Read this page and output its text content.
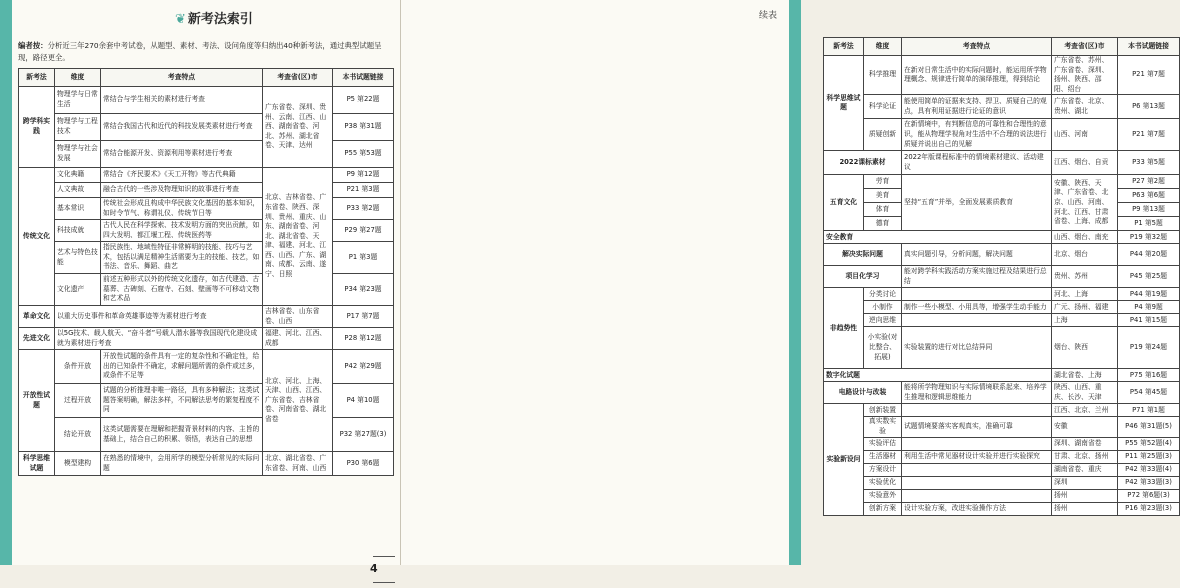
❦ 新考法索引
编者按：分析近三年270余套中考试卷，从题型、素材、考法、设问角度等归纳出40种新考法，通过典型试题呈现，路径更全。
新考法	维度	考查特点	考查省(区)市	本书试题链接
跨学科实践	物理学与日常生活	常结合与学生相关的素材进行考查	广东省卷、深圳、贵州、云南、江西、山西、湖南省卷、河北、苏州、湖北省卷、天津、达州	P5 第22题
	物理学与工程技术	常结合我国古代和近代的科技发展类素材进行考查		P38 第31题
	物理学与社会发展	常结合能源开发、资源利用等素材进行考查		P55 第53题
传统文化	文化典籍	常结合《齐民要术》《天工开物》等古代典籍	北京、吉林省卷、广东省卷、陕西、深圳、贵州、重庆、山东、湖南省卷、河北、湖北省卷、天津、福建、河北、江西、山西、广东、湖南、成都、云南、遂宁、日照	P9 第12题
	人文典故	融合古代的一些涉及物理知识的故事进行考查		P21 第3题
	基本常识	传统社会形成且构成中华民族文化基因的基本知识，如时令节气、称谓礼仪、传统节日等		P33 第2题
	科技成就	古代人民在科学探索、技术发明方面的突出贡献，如四大发明、都江堰工程、传统医药等		P29 第27题
	艺术与特色技能	指民族性、地域性特征非常鲜明的技能、技巧与艺术，包括以满足精神生活需要为主的技能、技艺，如书法、音乐、舞蹈、曲艺		P1 第3题
	文化遗产	前述五种形式以外的传统文化遗存，如古代建造、古墓葬、古碑刻、石窟寺、石刻、壁画等不可移动文物和艺术品		P34 第23题
革命文化	以重大历史事件和革命英雄事迹等为素材进行考查		吉林省卷、山东省卷、山西	P17 第7题
先进文化	以5G技术、载人航天、“奋斗者”号载人潜水器等我国现代化建设成就为素材进行考查		福建、河北、江西、成都	P28 第12题
开放性试题	条件开放	开放性试题的条件具有一定的复杂性和不确定性，给出的已知条件不确定，求解问题所需的条件或过多，或条件不足等	北京、河北、上海、天津、山西、江西、广东省卷、吉林省卷、河南省卷、湖北省卷	P42 第29题
	过程开放	试题的分析推理非唯一路径，具有多种解法；这类试题答案明确，解法多样，不同解法思考的繁复程度不同		P4 第10题
	结论开放	这类试题需要在理解和把握背景材料的内容、主旨的基础上，结合自己的积累、领悟，表达自己的思想		P32 第27题(3)
科学思维试题	模型建构	在熟悉的情境中，会用所学的模型分析常见的实际问题	北京、湖北省卷、广东省卷、河南、山西	P30 第6题
4
续表
新考法	维度	考查特点	考查省(区)市	本书试题链接
科学思维试题	科学推理	在新对日常生活中的实际问题时，能运用所学物理概念、规律进行简单的演绎推理，得到结论	广东省卷、苏州、广东省卷、深圳、扬州、陕西、邵阳、绍台	P21 第7题
	科学论证	能使用简单的证据来支持、捍卫、质疑自己的观点，具有利用证据进行论证的意识	广东省卷、北京、贵州、湖北	P6 第13题
	质疑创新	在新情境中，有判断信息的可靠性和合理性的意识，能从物理学视角对生活中不合理的说法进行质疑并说出自己的见解	山西、河南	P21 第7题
2022课标素材		2022年版课程标准中的情境素材建议、活动建议	江西、烟台、自贡	P33 第5题
五育文化	劳育	坚持“五育”并举，全面发展素质教育	安徽、陕西、天津、广东省卷、北京、山西、河南、河北、江西、甘肃省卷、上海、成都	P27 第2题
	美育			P63 第6题
	体育			P9 第13题
	德育			P1 第5题
安全教育			山西、烟台、南充	P19 第32题
解决实际问题		真实问题引导，分析问题，解决问题	北京、烟台	P44 第20题
项目化学习		能对跨学科实践活动方案实施过程及结果进行总结	贵州、苏州	P45 第25题
非趋势性	分类讨论		河北、上海	P44 第19题
	小制作	制作一些小模型、小用具等，增强学生动手能力	广元、扬州、福建	P4 第9题
	逆向思维		上海	P41 第15题
	小实验(对比整合、拓展)	实验装置的进行对比总结异同	烟台、陕西	P19 第24题
数字化试题			湖北省卷、上海	P75 第16题
电路设计与改装		能将所学物理知识与实际情境联系起来、培养学生推理和逻辑思维能力	陕西、山西、重庆、长沙、天津	P54 第45题
实验新设问	创新装置		江西、北京、兰州	P71 第1题
	真实数实验	试题情境要落实客观真实，准确可靠	安徽	P46 第31题(5)
	实验评估		深圳、湖南省卷	P55 第52题(4)
	生活器材	利用生活中常见器材设计实验并进行实验探究	甘肃、北京、扬州	P11 第25题(3)
	方案设计		湖南省卷、重庆	P42 第33题(4)
	实验优化		深圳	P42 第33题(3)
	实验意外		扬州	P72 第6题(3)
	创新方案	设计实验方案，改进实验操作方法	扬州	P16 第23题(3)
